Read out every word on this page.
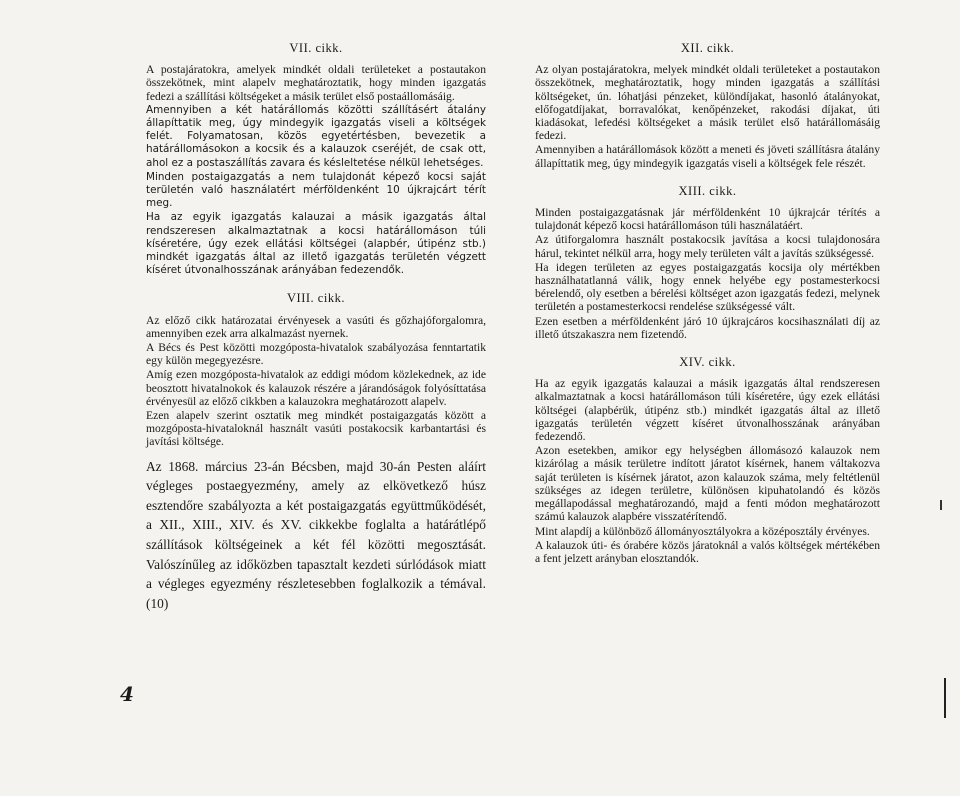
VII. cikk.

A postajáratokra, amelyek mindkét oldali területeket a postautakon összekötnek, mint alapelv meghatároztatik, hogy minden igazgatás fedezi a szállítási költségeket a másik terület első postaállomásáig.

Amennyiben a két határállomás közötti szállításért átalány állapíttatik meg, úgy mindegyik igazgatás viseli a költségek felét. Folyamatosan, közös egyetértésben, bevezetik a határállomásokon a kocsik és a kalauzok cseréjét, de csak ott, ahol ez a postaszállítás zavara és késleltetése nélkül lehetséges.

Minden postaigazgatás a nem tulajdonát képező kocsi saját területén való használatért mérföldenként 10 újkrajcárt térít meg.

Ha az egyik igazgatás kalauzai a másik igazgatás által rendszeresen alkalmaztatnak a kocsi határállomáson túli kíséretére, úgy ezek ellátási költségei (alapbér, útipénz stb.) mindkét igazgatás által az illető igazgatás területén végzett kíséret útvonalhosszának arányában fedezendők.

VIII. cikk.

Az előző cikk határozatai érvényesek a vasúti és gőzhajóforgalomra, amennyiben ezek arra alkalmazást nyernek.

A Bécs és Pest közötti mozgóposta-hivatalok szabályozása fenntartatik egy külön megegyezésre.

Amíg ezen mozgóposta-hivatalok az eddigi módom közlekednek, az ide beosztott hivatalnokok és kalauzok részére a járandóságok folyósíttatása érvényesül az előző cikkben a kalauzokra meghatározott alapelv.

Ezen alapelv szerint osztatik meg mindkét postaigazgatás között a mozgóposta-hivataloknál használt vasúti postakocsik karbantartási és javítási költsége.

Az 1868. március 23-án Bécsben, majd 30-án Pesten aláírt végleges postaegyezmény, amely az elkövetkező húsz esztendőre szabályozta a két postaigazgatás együttműködését, a XII., XIII., XIV. és XV. cikkekbe foglalta a határátlépő szállítások költségeinek a két fél közötti megosztását. Valószínűleg az időközben tapasztalt kezdeti súrlódások miatt a végleges egyezmény részletesebben foglalkozik a témával. (10)

XII. cikk.

Az olyan postajáratokra, melyek mindkét oldali területeket a postautakon összekötnek, meghatároztatik, hogy minden igazgatás a szállítási költségeket, ún. lóhatjási pénzeket, különdíjakat, hasonló átalányokat, előfogatdíjakat, borravalókat, kenőpénzeket, rakodási díjakat, úti kiadásokat, lefedési költségeket a másik terület első határállomásáig fedezi.

Amennyiben a határállomások között a meneti és jöveti szállításra átalány állapíttatik meg, úgy mindegyik igazgatás viseli a költségek fele részét.

XIII. cikk.

Minden postaigazgatásnak jár mérföldenként 10 újkrajcár térítés a tulajdonát képező kocsi határállomáson túli használatáért.

Az útiforgalomra használt postakocsik javítása a kocsi tulajdonosára hárul, tekintet nélkül arra, hogy mely területen vált a javítás szükségessé.

Ha idegen területen az egyes postaigazgatás kocsija oly mértékben használhatatlanná válik, hogy ennek helyébe egy postamesterkocsi bérelendő, oly esetben a bérelési költséget azon igazgatás fedezi, melynek területén a postamesterkocsi rendelése szükségessé vált.

Ezen esetben a mérföldenként járó 10 újkrajcáros kocsihasználati díj az illető útszakaszra nem fizetendő.

XIV. cikk.

Ha az egyik igazgatás kalauzai a másik igazgatás által rendszeresen alkalmaztatnak a kocsi határállomáson túli kíséretére, úgy ezek ellátási költségei (alapbérük, útipénz stb.) mindkét igazgatás által az illető igazgatás területén végzett kíséret útvonalhosszának arányában fedezendő.

Azon esetekben, amikor egy helységben állomásozó kalauzok nem kizárólag a másik területre indított járatot kísérnek, hanem váltakozva saját területen is kísérnek járatot, azon kalauzok száma, mely feltétlenül szükséges az idegen területre, különösen kipuhatolandó és közös megállapodással meghatározandó, majd a fenti módon meghatározott számú kalauzok alapbére visszatérítendő.

Mint alapdíj a különböző állományosztályokra a középosztály érvényes.

A kalauzok úti- és órabére közös járatoknál a valós költségek mértékében a fent jelzett arányban elosztandók.

4
